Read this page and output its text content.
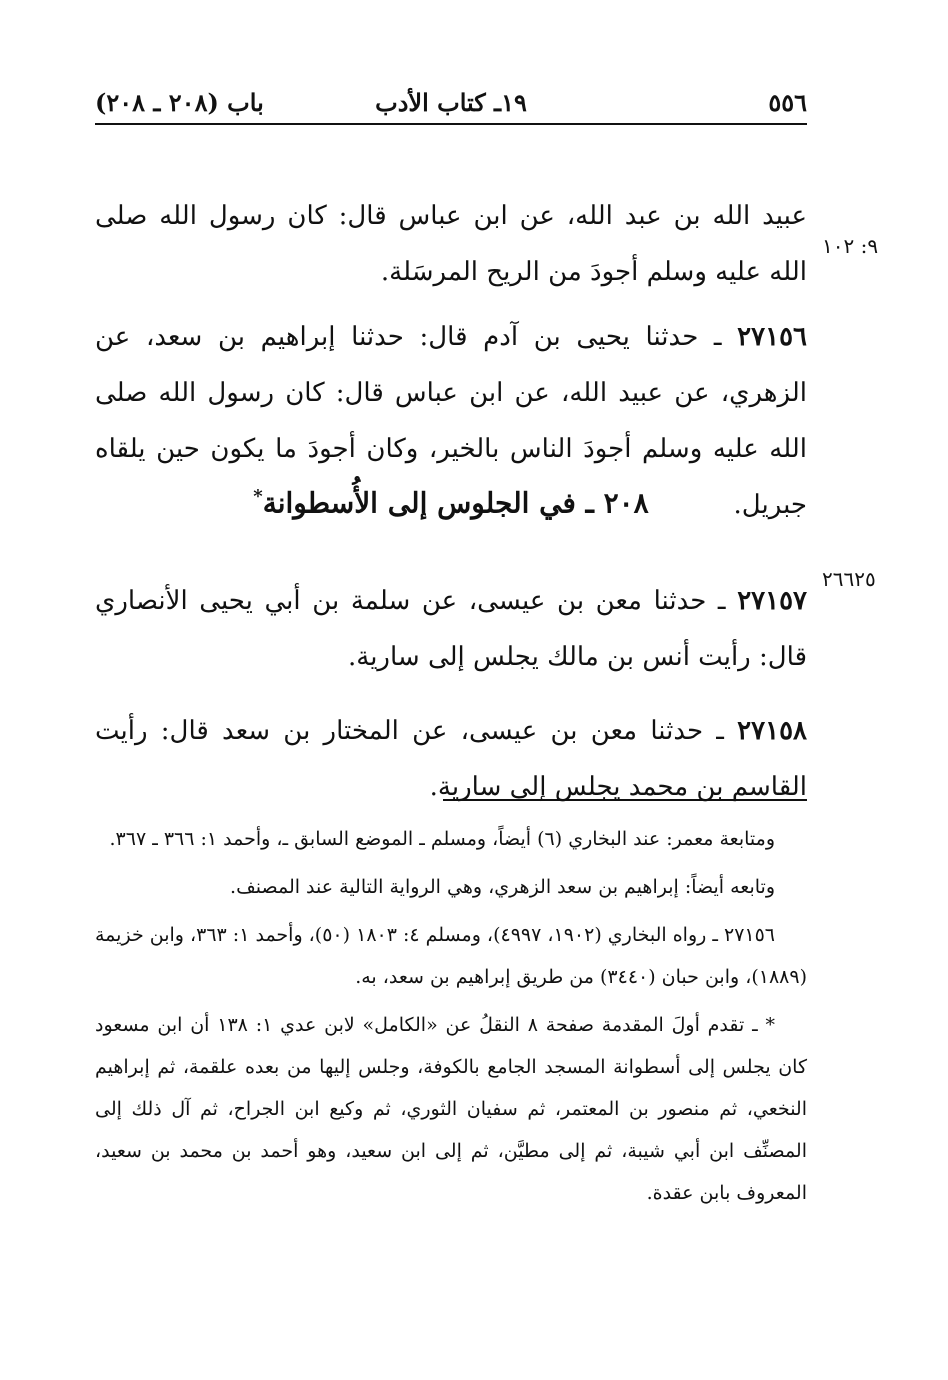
٥٥٦
١٩ـ كتاب الأدب
باب (٢٠٨ ـ ٢٠٨)
٩: ١٠٢
٢٦٦٢٥

عبيد الله بن عبد الله، عن ابن عباس قال: كان رسول الله صلى الله عليه وسلم أجودَ من الريح المرسَلة.

٢٧١٥٦ ـ حدثنا يحيى بن آدم قال: حدثنا إبراهيم بن سعد، عن الزهري، عن عبيد الله، عن ابن عباس قال: كان رسول الله صلى الله عليه وسلم أجودَ الناس بالخير، وكان أجودَ ما يكون حين يلقاه جبريل.

٢٧١٥٧ ـ حدثنا معن بن عيسى، عن سلمة بن أبي يحيى الأنصاري قال: رأيت أنس بن مالك يجلس إلى سارية.

٢٧١٥٨ ـ حدثنا معن بن عيسى، عن المختار بن سعد قال: رأيت القاسم بن محمد يجلس إلى سارية.

٢٠٨ ـ في الجلوس إلى الأُسطوانة*

ومتابعة معمر: عند البخاري (٦) أيضاً، ومسلم ـ الموضع السابق ـ، وأحمد ١: ٣٦٦ ـ ٣٦٧.

وتابعه أيضاً: إبراهيم بن سعد الزهري، وهي الرواية التالية عند المصنف.

٢٧١٥٦ ـ رواه البخاري (١٩٠٢، ٤٩٩٧)، ومسلم ٤: ١٨٠٣ (٥٠)، وأحمد ١: ٣٦٣، وابن خزيمة (١٨٨٩)، وابن حبان (٣٤٤٠) من طريق إبراهيم بن سعد، به.

* ـ تقدم أولَ المقدمة صفحة ٨ النقلُ عن «الكامل» لابن عدي ١: ١٣٨ أن ابن مسعود كان يجلس إلى أسطوانة المسجد الجامع بالكوفة، وجلس إليها من بعده علقمة، ثم إبراهيم النخعي، ثم منصور بن المعتمر، ثم سفيان الثوري، ثم وكيع ابن الجراح، ثم آل ذلك إلى المصنِّف ابن أبي شيبة، ثم إلى مطيَّن، ثم إلى ابن سعيد، وهو أحمد بن محمد بن سعيد، المعروف بابن عقدة.
